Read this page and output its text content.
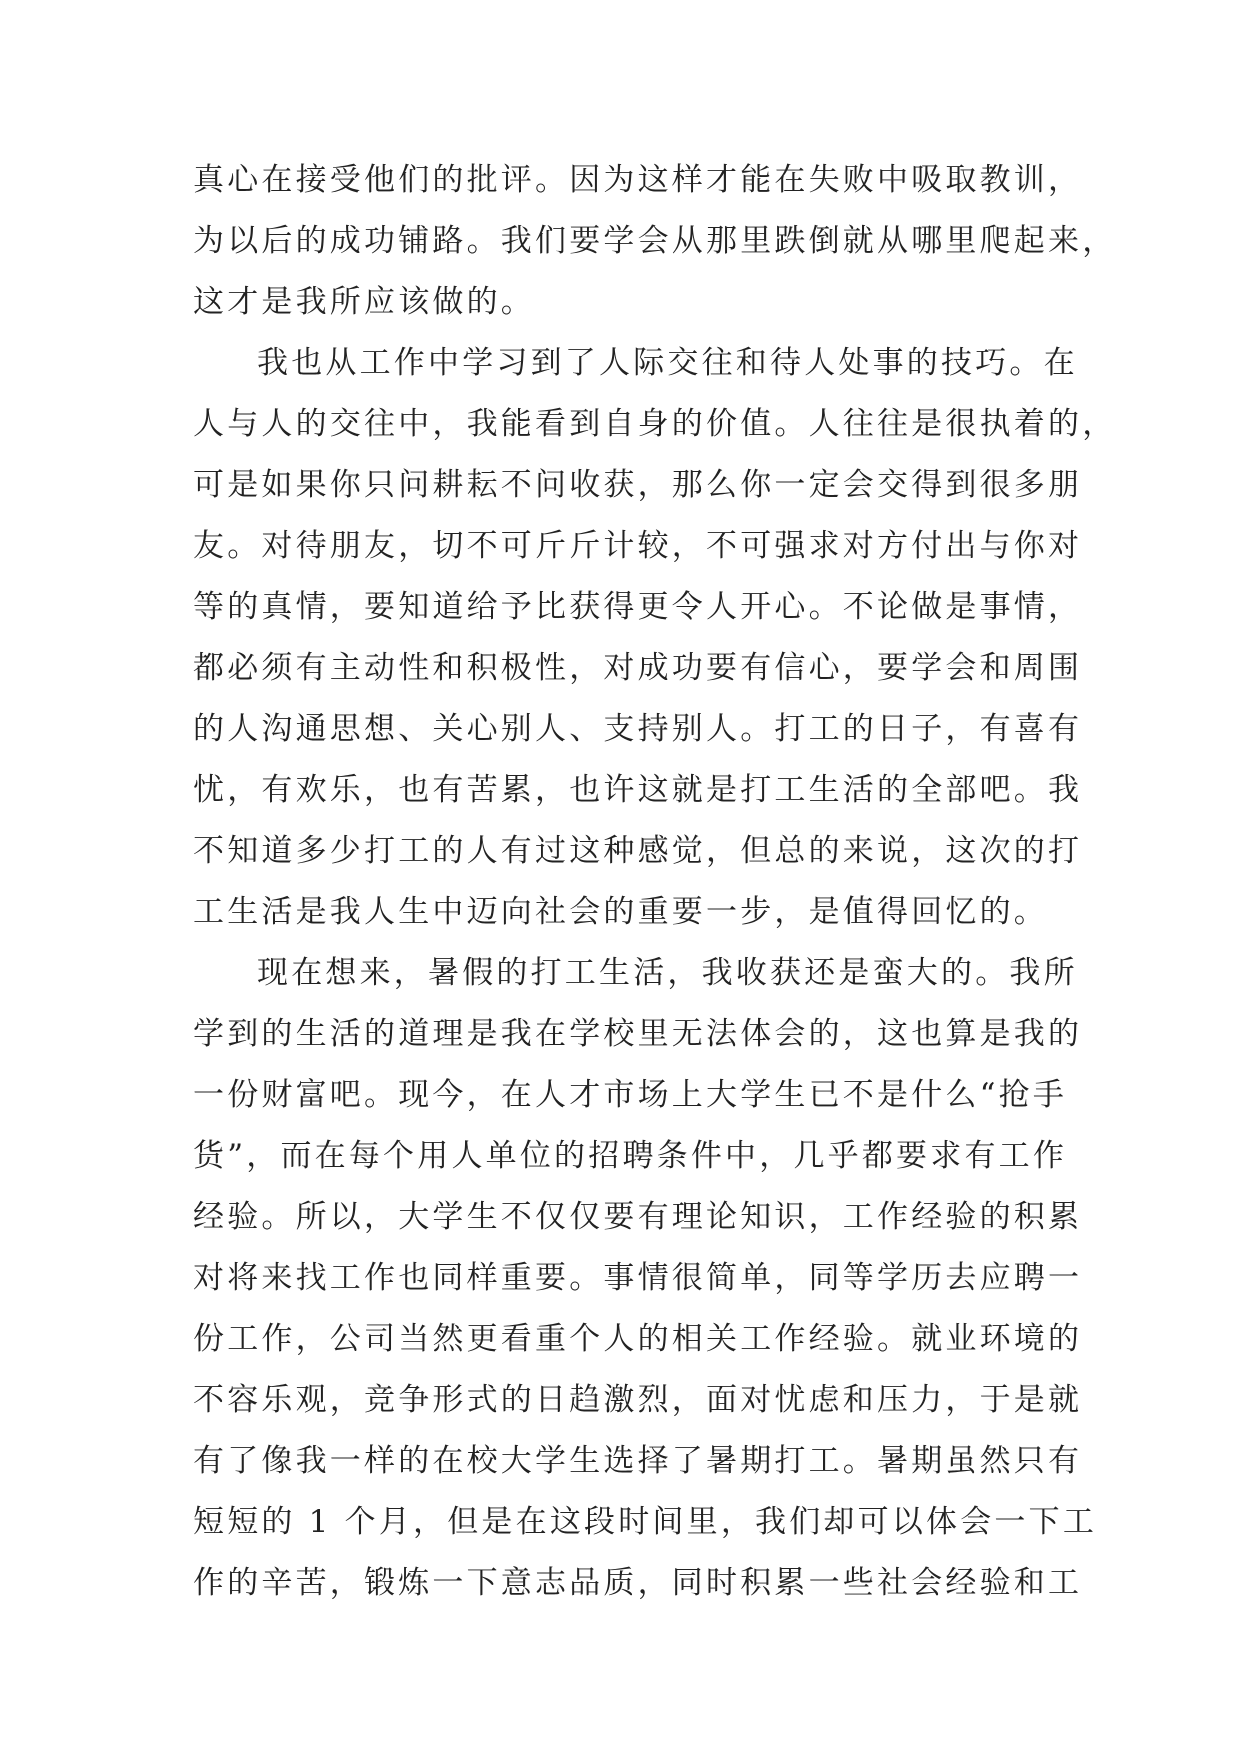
真心在接受他们的批评。因为这样才能在失败中吸取教训，
为以后的成功铺路。我们要学会从那里跌倒就从哪里爬起来，
这才是我所应该做的。
我也从工作中学习到了人际交往和待人处事的技巧。在
人与人的交往中，我能看到自身的价值。人往往是很执着的，
可是如果你只问耕耘不问收获，那么你一定会交得到很多朋
友。对待朋友，切不可斤斤计较，不可强求对方付出与你对
等的真情，要知道给予比获得更令人开心。不论做是事情，
都必须有主动性和积极性，对成功要有信心，要学会和周围
的人沟通思想、关心别人、支持别人。打工的日子，有喜有
忧，有欢乐，也有苦累，也许这就是打工生活的全部吧。我
不知道多少打工的人有过这种感觉，但总的来说，这次的打
工生活是我人生中迈向社会的重要一步，是值得回忆的。
现在想来，暑假的打工生活，我收获还是蛮大的。我所
学到的生活的道理是我在学校里无法体会的，这也算是我的
一份财富吧。现今，在人才市场上大学生已不是什么“抢手
货”，而在每个用人单位的招聘条件中，几乎都要求有工作
经验。所以，大学生不仅仅要有理论知识，工作经验的积累
对将来找工作也同样重要。事情很简单，同等学历去应聘一
份工作，公司当然更看重个人的相关工作经验。就业环境的
不容乐观，竞争形式的日趋激烈，面对忧虑和压力，于是就
有了像我一样的在校大学生选择了暑期打工。暑期虽然只有
短短的 1 个月，但是在这段时间里，我们却可以体会一下工
作的辛苦，锻炼一下意志品质，同时积累一些社会经验和工
